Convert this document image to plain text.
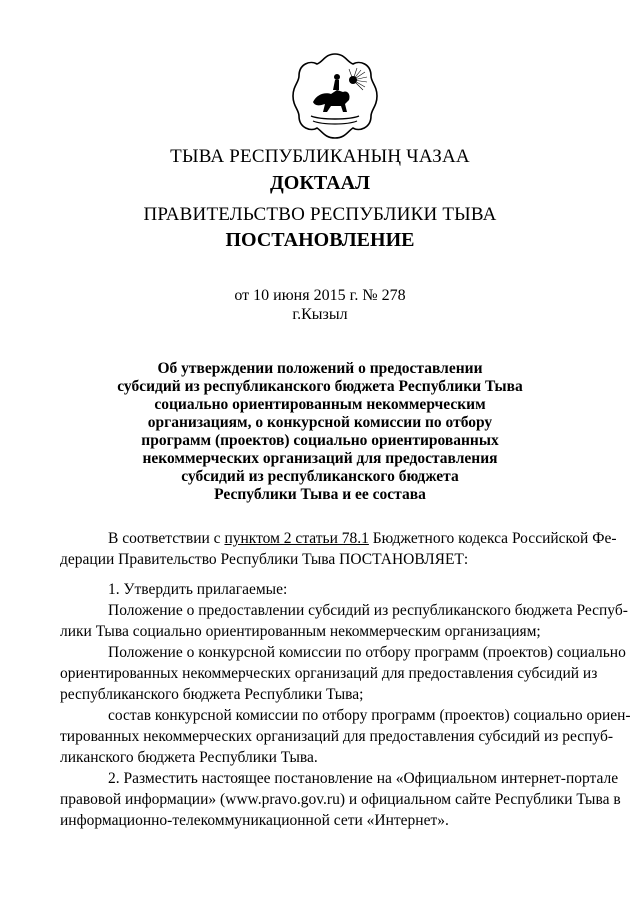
ТЫВА РЕСПУБЛИКАНЫҢ ЧАЗАА
ДОКТААЛ
ПРАВИТЕЛЬСТВО РЕСПУБЛИКИ ТЫВА
ПОСТАНОВЛЕНИЕ
от 10 июня 2015 г. № 278
г.Кызыл
Об утверждении положений о предоставлении
субсидий из республиканского бюджета Республики Тыва
социально ориентированным некоммерческим
организациям, о конкурсной комиссии по отбору
программ (проектов) социально ориентированных
некоммерческих организаций для предоставления
субсидий из республиканского бюджета
Республики Тыва и ее состава
В соответствии с пунктом 2 статьи 78.1 Бюджетного кодекса Российской Фе-
дерации Правительство Республики Тыва ПОСТАНОВЛЯЕТ:
1. Утвердить прилагаемые:
Положение о предоставлении субсидий из республиканского бюджета Респуб-
лики Тыва социально ориентированным некоммерческим организациям;
Положение о конкурсной комиссии по отбору программ (проектов) социально
ориентированных некоммерческих организаций для предоставления субсидий из
республиканского бюджета Республики Тыва;
состав конкурсной комиссии по отбору программ (проектов) социально ориен-
тированных некоммерческих организаций для предоставления субсидий из респуб-
ликанского бюджета Республики Тыва.
2. Разместить настоящее постановление на «Официальном интернет-портале
правовой информации» (www.pravo.gov.ru) и официальном сайте Республики Тыва в
информационно-телекоммуникационной сети «Интернет».
